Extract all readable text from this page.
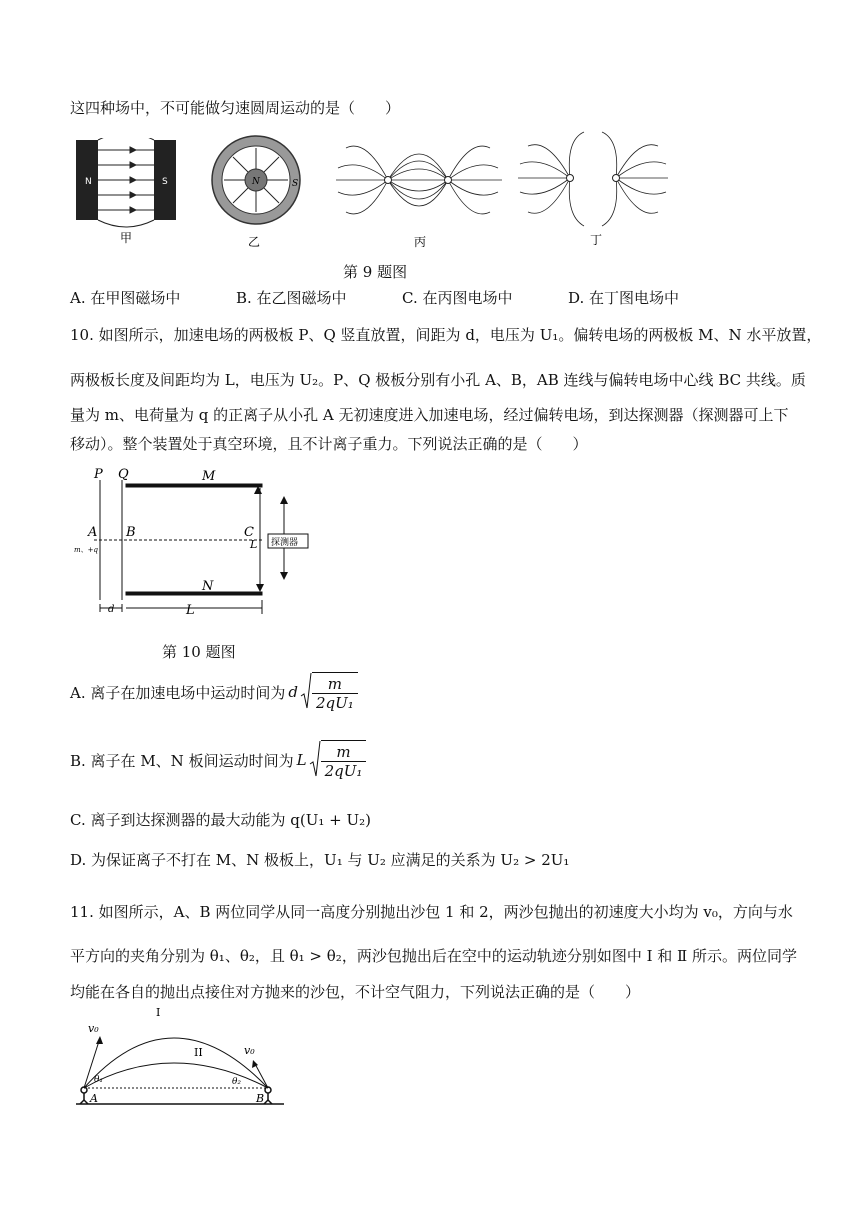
这四种场中，不可能做匀速圆周运动的是（　　）
N	S
甲
N	S
乙	丙	丁
第 9 题图
A. 在甲图磁场中	B. 在乙图磁场中	C. 在丙图电场中	D. 在丁图电场中
10. 如图所示，加速电场的两极板 P、Q 竖直放置，间距为 d，电压为 U₁。偏转电场的两极板 M、N 水平放置，
两极板长度及间距均为 L，电压为 U₂。P、Q 极板分别有小孔 A、B，AB 连线与偏转电场中心线 BC 共线。质
量为 m、电荷量为 q 的正离子从小孔 A 无初速度进入加速电场，经过偏转电场，到达探测器（探测器可上下
移动）。整个装置处于真空环境，且不计离子重力。下列说法正确的是（　　）
P Q	M
A B	C
L
N
d	L
m、+q
探测器
第 10 题图
A. 离子在加速电场中运动时间为 d $\frac{m}{\text{2qU₁}}$
B. 离子在 M、N 板间运动时间为 L $\frac{m}{\text{2qU₁}}$
C. 离子到达探测器的最大动能为 q(U₁ + U₂)
D. 为保证离子不打在 M、N 极板上，U₁ 与 U₂ 应满足的关系为 U₂ > 2U₁
11. 如图所示，A、B 两位同学从同一高度分别抛出沙包 1 和 2，两沙包抛出的初速度大小均为 v₀，方向与水
平方向的夹角分别为 θ₁、θ₂，且 θ₁ > θ₂，两沙包抛出后在空中的运动轨迹分别如图中 Ⅰ 和 Ⅱ 所示。两位同学
均能在各自的抛出点接住对方抛来的沙包，不计空气阻力，下列说法正确的是（　　）
I
II
v₀
v₀
θ₁	θ₂
A	B
